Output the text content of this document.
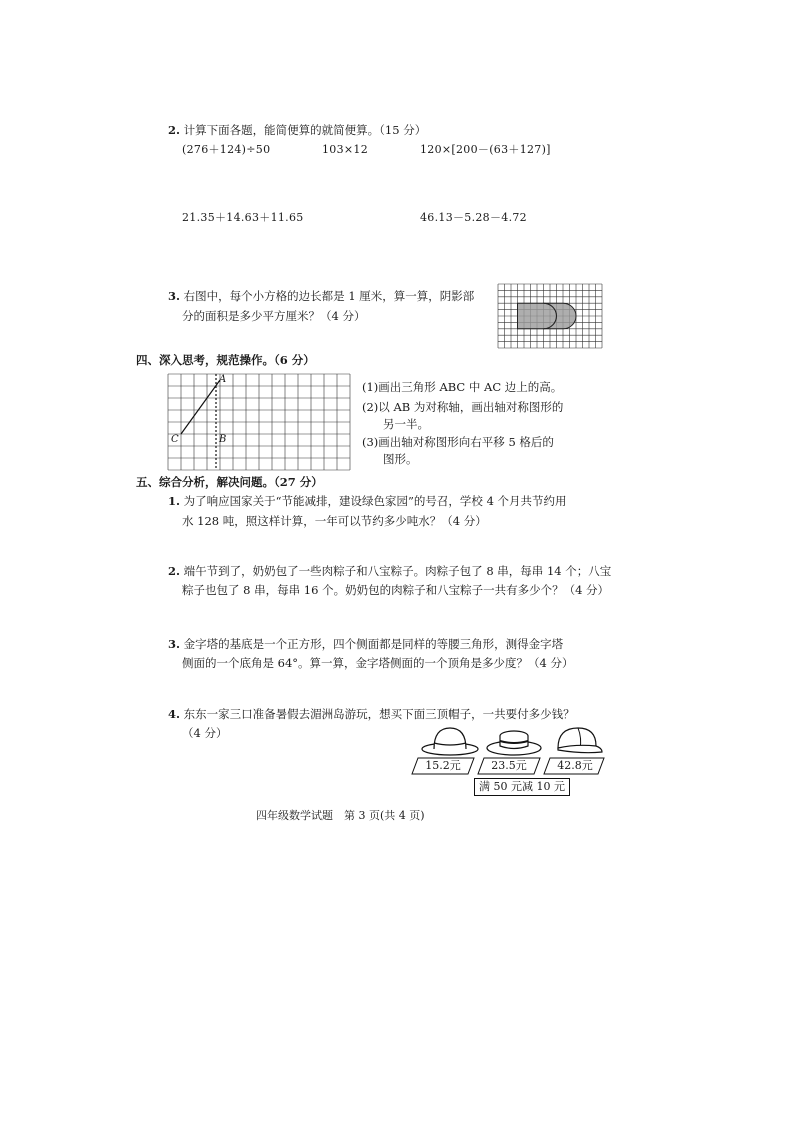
2. 计算下面各题，能简便算的就简便算。（15 分）
(276＋124)÷50	103×12	120×[200－(63＋127)]
21.35＋14.63＋11.65	46.13－5.28－4.72
3. 右图中，每个小方格的边长都是 1 厘米，算一算，阴影部
分的面积是多少平方厘米？（4 分）
四、深入思考，规范操作。（6 分）
A
B
C
(1)画出三角形 ABC 中 AC 边上的高。
(2)以 AB 为对称轴，画出轴对称图形的
另一半。
(3)画出轴对称图形向右平移 5 格后的
图形。
五、综合分析，解决问题。（27 分）
1. 为了响应国家关于“节能减排，建设绿色家园”的号召，学校 4 个月共节约用
水 128 吨，照这样计算，一年可以节约多少吨水？（4 分）
2. 端午节到了，奶奶包了一些肉粽子和八宝粽子。肉粽子包了 8 串，每串 14 个；八宝
粽子也包了 8 串，每串 16 个。奶奶包的肉粽子和八宝粽子一共有多少个？（4 分）
3. 金字塔的基底是一个正方形，四个侧面都是同样的等腰三角形，测得金字塔
侧面的一个底角是 64°。算一算，金字塔侧面的一个顶角是多少度？（4 分）
4. 东东一家三口准备暑假去湄洲岛游玩，想买下面三顶帽子，一共要付多少钱？
（4 分）
15.2元	23.5元	42.8元
满 50 元减 10 元
四年级数学试题　第 3 页(共 4 页)
